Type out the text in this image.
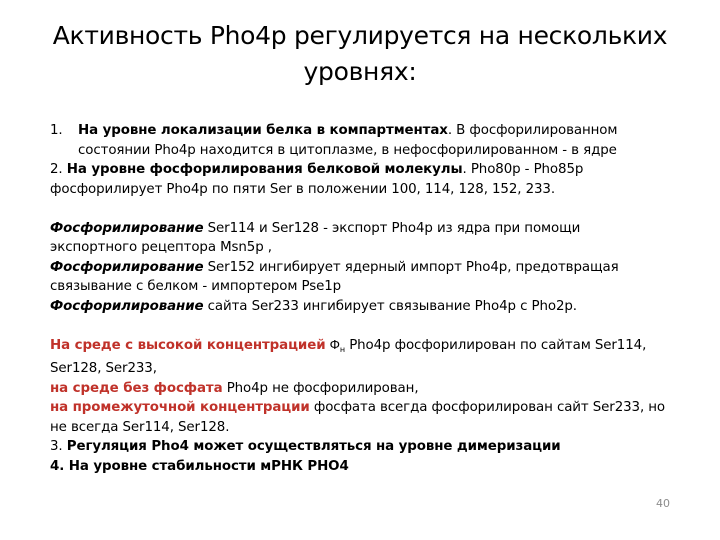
Активность Pho4p регулируется на нескольких
уровнях:
1.	На уровне локализации белка в компартментах. В фосфорилированном состоянии Pho4p находится в цитоплазме, в нефосфорилированном - в ядре

2. На уровне фосфорилирования белковой молекулы. Pho80p - Pho85p фосфорилирует Pho4p по пяти Ser в положении 100, 114, 128, 152, 233.

Фосфорилирование Ser114 и Ser128 - экспорт Pho4p из ядра при помощи экспортного рецептора Msn5p ,

Фосфорилирование Ser152 ингибирует ядерный импорт Pho4p, предотвращая связывание с белком - импортером Pse1p

Фосфорилирование сайта Ser233 ингибирует связывание Pho4p с Pho2p.

На среде с высокой концентрацией $Ф_н$ Pho4p фосфорилирован по сайтам Ser114, Ser128, Ser233,

на среде без фосфата Pho4p не фосфорилирован,

на промежуточной концентрации фосфата всегда фосфорилирован сайт Ser233, но не всегда Ser114, Ser128.

3. Регуляция Pho4 может осуществляться на уровне димеризации

4. На уровне стабильности мРНК PHO4

40
